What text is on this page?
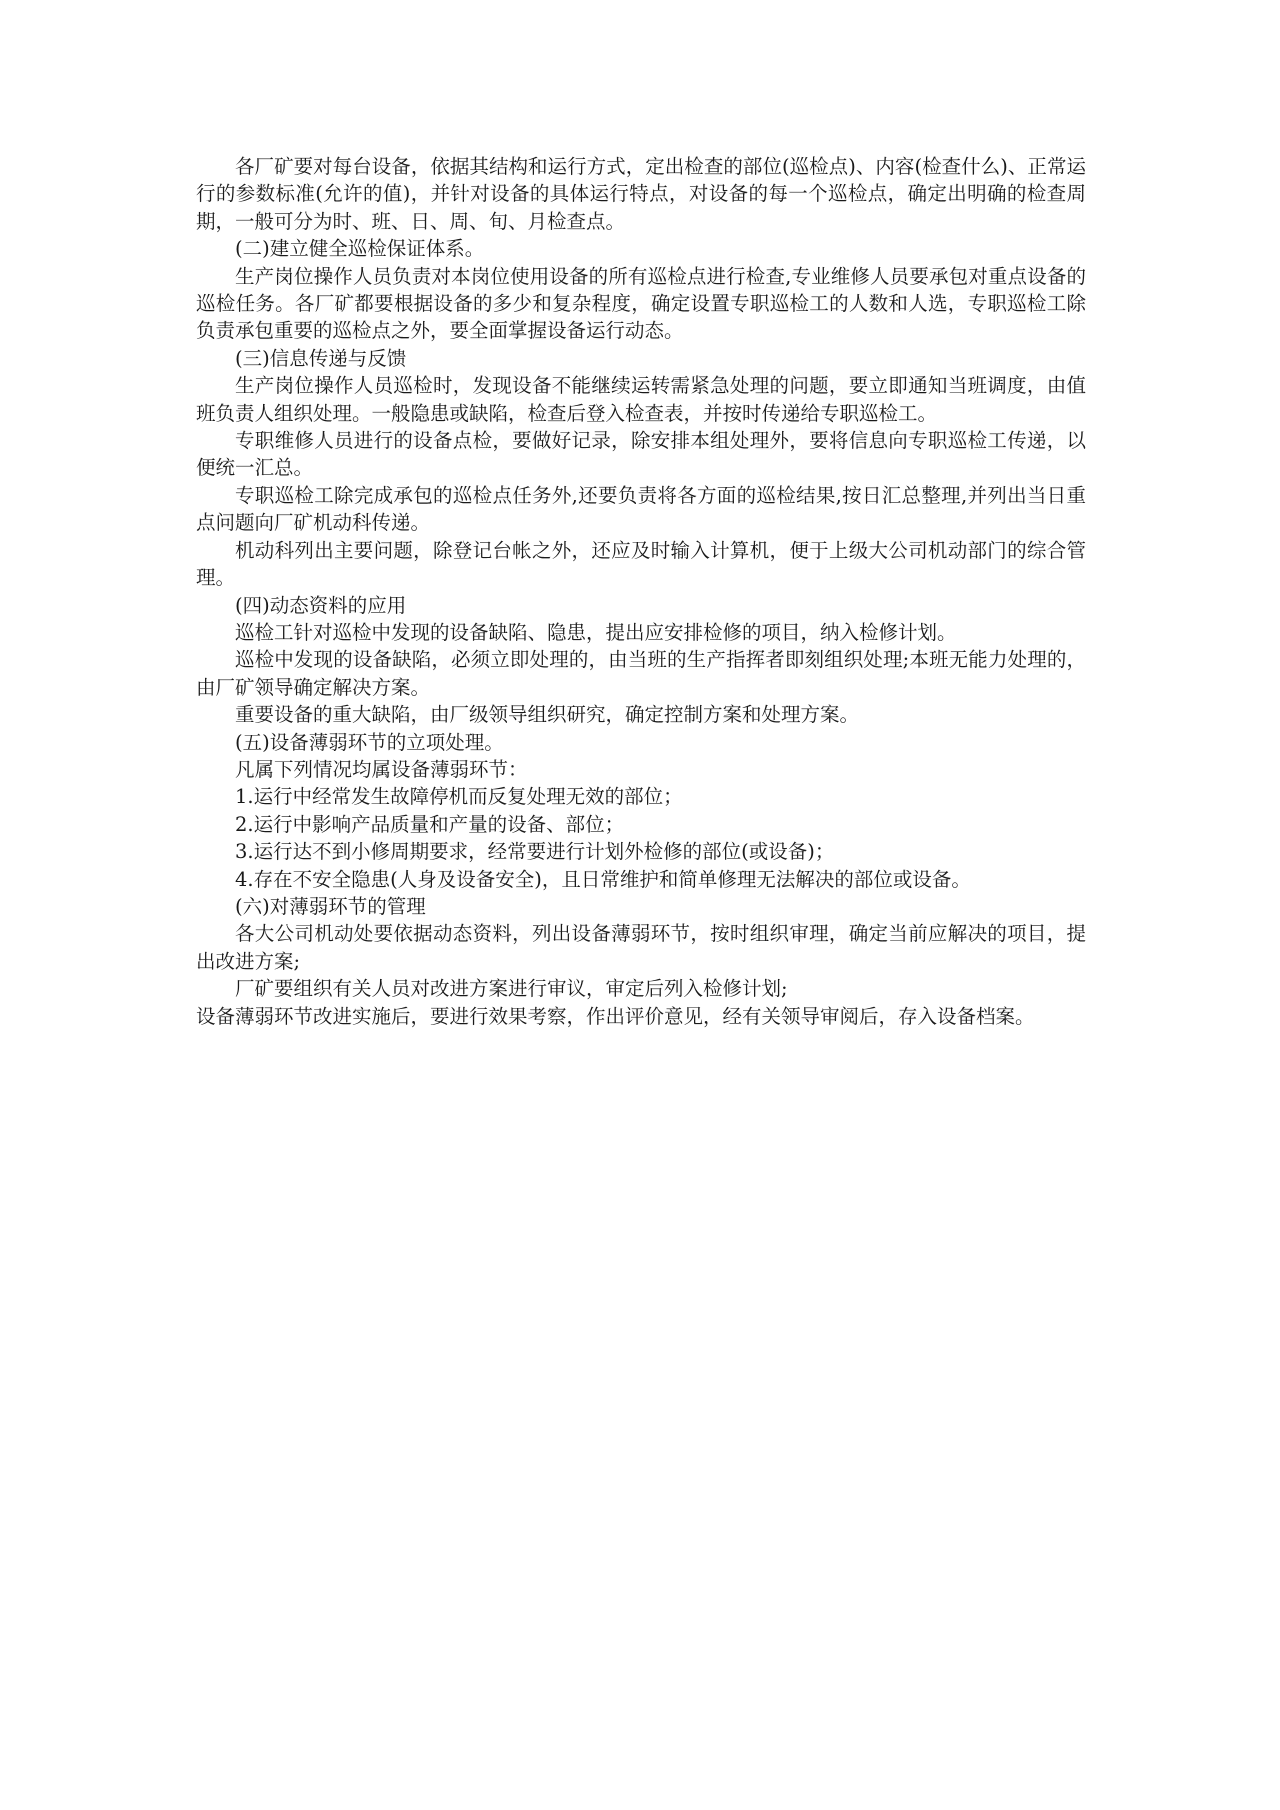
各厂矿要对每台设备，依据其结构和运行方式，定出检查的部位(巡检点)、内容(检查什么)、正常运行的参数标准(允许的值)，并针对设备的具体运行特点，对设备的每一个巡检点，确定出明确的检查周期，一般可分为时、班、日、周、旬、月检查点。

(二)建立健全巡检保证体系。

生产岗位操作人员负责对本岗位使用设备的所有巡检点进行检查,专业维修人员要承包对重点设备的巡检任务。各厂矿都要根据设备的多少和复杂程度，确定设置专职巡检工的人数和人选，专职巡检工除负责承包重要的巡检点之外，要全面掌握设备运行动态。

(三)信息传递与反馈

生产岗位操作人员巡检时，发现设备不能继续运转需紧急处理的问题，要立即通知当班调度，由值班负责人组织处理。一般隐患或缺陷，检查后登入检查表，并按时传递给专职巡检工。

专职维修人员进行的设备点检，要做好记录，除安排本组处理外，要将信息向专职巡检工传递，以便统一汇总。

专职巡检工除完成承包的巡检点任务外,还要负责将各方面的巡检结果,按日汇总整理,并列出当日重点问题向厂矿机动科传递。

机动科列出主要问题，除登记台帐之外，还应及时输入计算机，便于上级大公司机动部门的综合管理。

(四)动态资料的应用

巡检工针对巡检中发现的设备缺陷、隐患，提出应安排检修的项目，纳入检修计划。

巡检中发现的设备缺陷，必须立即处理的，由当班的生产指挥者即刻组织处理;本班无能力处理的，由厂矿领导确定解决方案。

重要设备的重大缺陷，由厂级领导组织研究，确定控制方案和处理方案。

(五)设备薄弱环节的立项处理。

凡属下列情况均属设备薄弱环节：

1.运行中经常发生故障停机而反复处理无效的部位；

2.运行中影响产品质量和产量的设备、部位；

3.运行达不到小修周期要求，经常要进行计划外检修的部位(或设备)；

4.存在不安全隐患(人身及设备安全)，且日常维护和简单修理无法解决的部位或设备。

(六)对薄弱环节的管理

各大公司机动处要依据动态资料，列出设备薄弱环节，按时组织审理，确定当前应解决的项目，提出改进方案;

厂矿要组织有关人员对改进方案进行审议，审定后列入检修计划;

设备薄弱环节改进实施后，要进行效果考察，作出评价意见，经有关领导审阅后，存入设备档案。
